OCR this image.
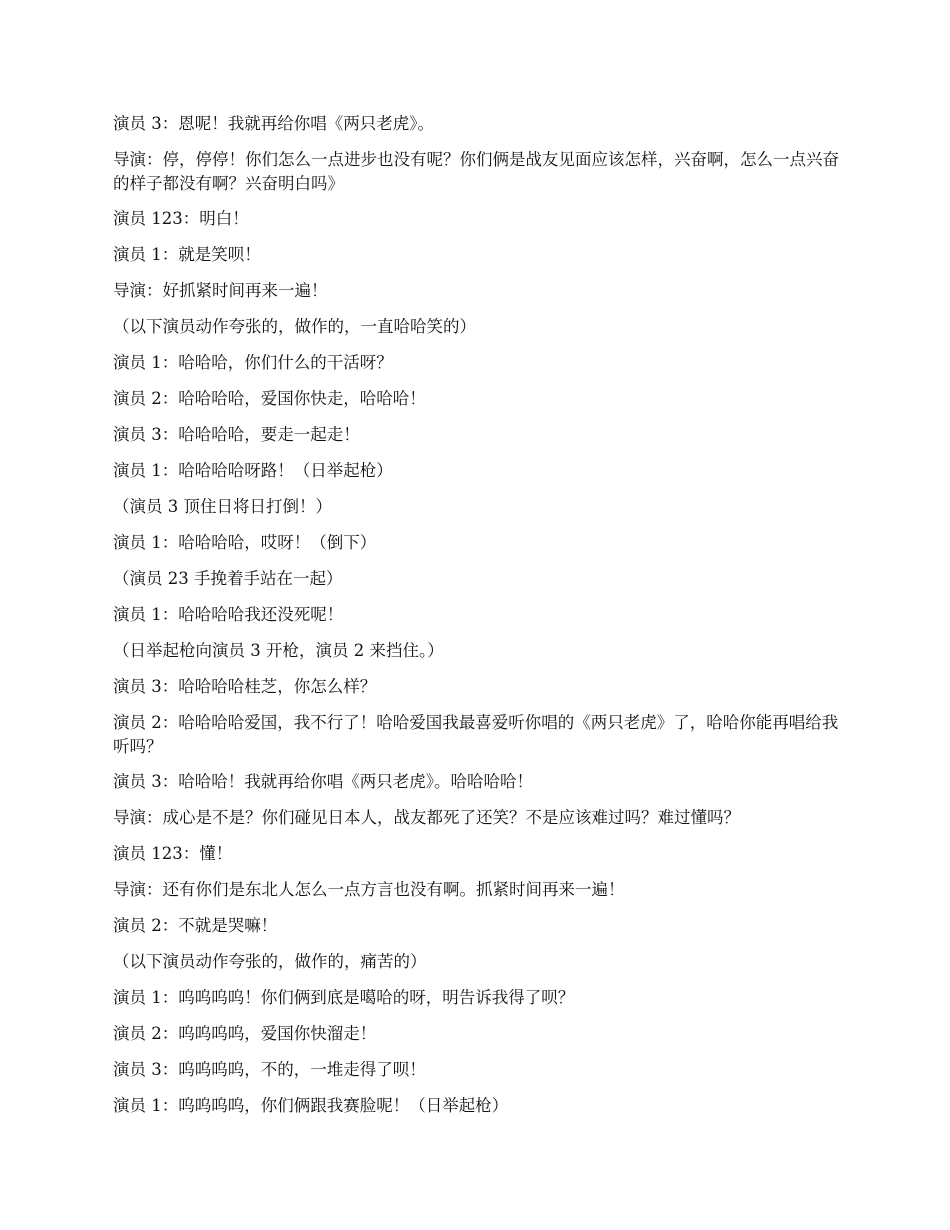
演员 3：恩呢！我就再给你唱《两只老虎》。

导演：停，停停！你们怎么一点进步也没有呢？你们俩是战友见面应该怎样，兴奋啊，怎么一点兴奋的样子都没有啊？兴奋明白吗》

演员 123：明白！

演员 1：就是笑呗！

导演：好抓紧时间再来一遍！

（以下演员动作夸张的，做作的，一直哈哈笑的）

演员 1：哈哈哈，你们什么的干活呀？

演员 2：哈哈哈哈，爱国你快走，哈哈哈！

演员 3：哈哈哈哈，要走一起走！

演员 1：哈哈哈哈呀路！（日举起枪）

（演员 3 顶住日将日打倒！）

演员 1：哈哈哈哈，哎呀！（倒下）

（演员 23 手挽着手站在一起）

演员 1：哈哈哈哈我还没死呢！

（日举起枪向演员 3 开枪，演员 2 来挡住。）

演员 3：哈哈哈哈桂芝，你怎么样？

演员 2：哈哈哈哈爱国，我不行了！哈哈爱国我最喜爱听你唱的《两只老虎》了，哈哈你能再唱给我听吗？

演员 3：哈哈哈！我就再给你唱《两只老虎》。哈哈哈哈！

导演：成心是不是？你们碰见日本人，战友都死了还笑？不是应该难过吗？难过懂吗？

演员 123：懂！

导演：还有你们是东北人怎么一点方言也没有啊。抓紧时间再来一遍！

演员 2：不就是哭嘛！

（以下演员动作夸张的，做作的，痛苦的）

演员 1：呜呜呜呜！你们俩到底是噶哈的呀，明告诉我得了呗？

演员 2：呜呜呜呜，爱国你快溜走！

演员 3：呜呜呜呜，不的，一堆走得了呗！

演员 1：呜呜呜呜，你们俩跟我赛脸呢！（日举起枪）
